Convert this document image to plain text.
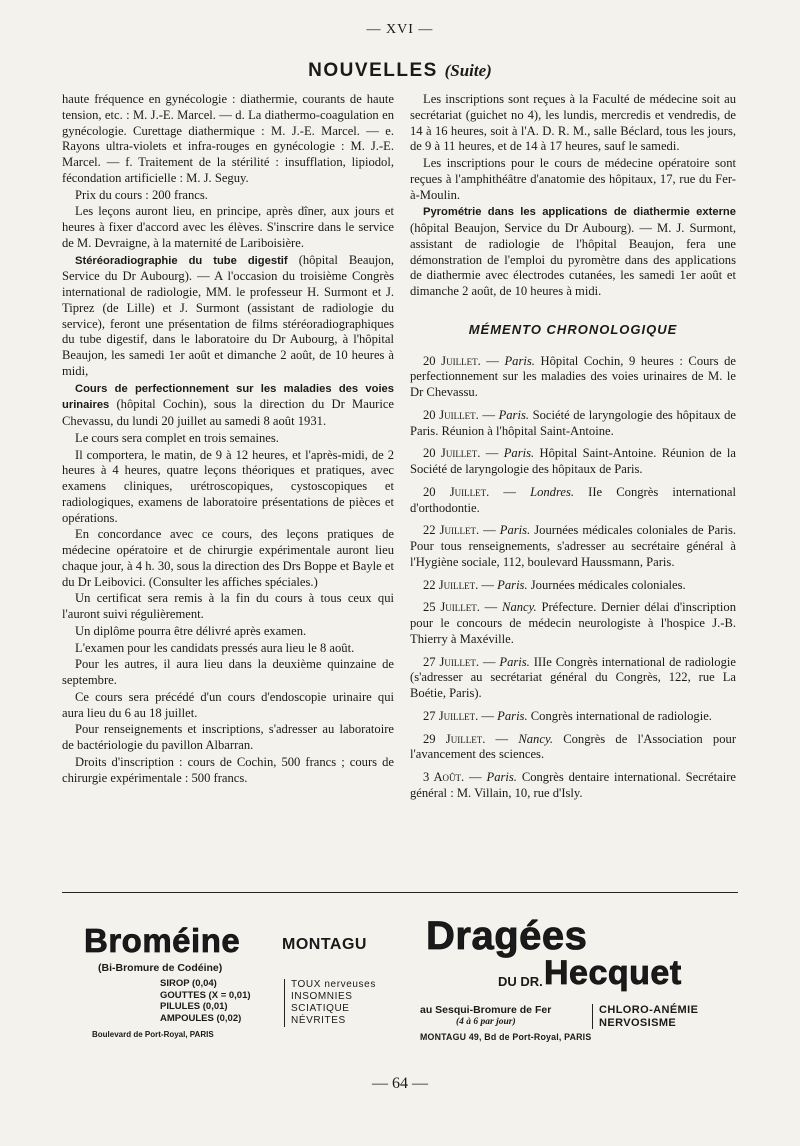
— XVI —
NOUVELLES (Suite)

haute fréquence en gynécologie : diathermie, courants de haute tension, etc. : M. J.-E. Marcel. — d. La diathermo-coagulation en gynécologie. Curettage diathermique : M. J.-E. Marcel. — e. Rayons ultra-violets et infra-rouges en gynécologie : M. J.-E. Marcel. — f. Traitement de la stérilité : insufflation, lipiodol, fécondation artificielle : M. J. Seguy.

Prix du cours : 200 francs.

Les leçons auront lieu, en principe, après dîner, aux jours et heures à fixer d'accord avec les élèves. S'inscrire dans le service de M. Devraigne, à la maternité de Lariboisière.

Stéréoradiographie du tube digestif (hôpital Beaujon, Service du Dr Aubourg). — A l'occasion du troisième Congrès international de radiologie, MM. le professeur H. Surmont et J. Tiprez (de Lille) et J. Surmont (assistant de radiologie du service), feront une présentation de films stéréoradiographiques du tube digestif, dans le laboratoire du Dr Aubourg, à l'hôpital Beaujon, les samedi 1er août et dimanche 2 août, de 10 heures à midi,

Cours de perfectionnement sur les maladies des voies urinaires (hôpital Cochin), sous la direction du Dr Maurice Chevassu, du lundi 20 juillet au samedi 8 août 1931.

Le cours sera complet en trois semaines.

Il comportera, le matin, de 9 à 12 heures, et l'après-midi, de 2 heures à 4 heures, quatre leçons théoriques et pratiques, avec examens cliniques, urétroscopiques, cystoscopiques et radiologiques, examens de laboratoire présentations de pièces et opérations.

En concordance avec ce cours, des leçons pratiques de médecine opératoire et de chirurgie expérimentale auront lieu chaque jour, à 4 h. 30, sous la direction des Drs Boppe et Bayle et du Dr Leibovici. (Consulter les affiches spéciales.)

Un certificat sera remis à la fin du cours à tous ceux qui l'auront suivi régulièrement.

Un diplôme pourra être délivré après examen.

L'examen pour les candidats pressés aura lieu le 8 août.

Pour les autres, il aura lieu dans la deuxième quinzaine de septembre.

Ce cours sera précédé d'un cours d'endoscopie urinaire qui aura lieu du 6 au 18 juillet.

Pour renseignements et inscriptions, s'adresser au laboratoire de bactériologie du pavillon Albarran.

Droits d'inscription : cours de Cochin, 500 francs ; cours de chirurgie expérimentale : 500 francs.

Les inscriptions sont reçues à la Faculté de médecine soit au secrétariat (guichet no 4), les lundis, mercredis et vendredis, de 14 à 16 heures, soit à l'A. D. R. M., salle Béclard, tous les jours, de 9 à 11 heures, et de 14 à 17 heures, sauf le samedi.

Les inscriptions pour le cours de médecine opératoire sont reçues à l'amphithéâtre d'anatomie des hôpitaux, 17, rue du Fer-à-Moulin.

Pyrométrie dans les applications de diathermie externe (hôpital Beaujon, Service du Dr Aubourg). — M. J. Surmont, assistant de radiologie de l'hôpital Beaujon, fera une démonstration de l'emploi du pyromètre dans des applications de diathermie avec électrodes cutanées, les samedi 1er août et dimanche 2 août, de 10 heures à midi.

MÉMENTO CHRONOLOGIQUE

20 Juillet. — Paris. Hôpital Cochin, 9 heures : Cours de perfectionnement sur les maladies des voies urinaires de M. le Dr Chevassu.

20 Juillet. — Paris. Société de laryngologie des hôpitaux de Paris. Réunion à l'hôpital Saint-Antoine.

20 Juillet. — Paris. Hôpital Saint-Antoine. Réunion de la Société de laryngologie des hôpitaux de Paris.

20 Juillet. — Londres. IIe Congrès international d'orthodontie.

22 Juillet. — Paris. Journées médicales coloniales de Paris. Pour tous renseignements, s'adresser au secrétaire général à l'Hygiène sociale, 112, boulevard Haussmann, Paris.

22 Juillet. — Paris. Journées médicales coloniales.

25 Juillet. — Nancy. Préfecture. Dernier délai d'inscription pour le concours de médecin neurologiste à l'hospice J.-B. Thierry à Maxéville.

27 Juillet. — Paris. IIIe Congrès international de radiologie (s'adresser au secrétariat général du Congrès, 122, rue La Boétie, Paris).

27 Juillet. — Paris. Congrès international de radiologie.

29 Juillet. — Nancy. Congrès de l'Association pour l'avancement des sciences.

3 Août. — Paris. Congrès dentaire international. Secrétaire général : M. Villain, 10, rue d'Isly.

Broméine	MONTAGU
(Bi-Bromure de Codéine)
SIROP (0,04)
GOUTTES (X = 0,01)
PILULES (0,01)
AMPOULES (0,02)
TOUX nerveuses
INSOMNIES
SCIATIQUE
NÉVRITES
Boulevard de Port-Royal, PARIS
Dragées
DU DR. Hecquet
au Sesqui-Bromure de Fer
(4 à 6 par jour)
CHLORO-ANÉMIE
NERVOSISME
MONTAGU 49, Bd de Port-Royal, PARIS
— 64 —
